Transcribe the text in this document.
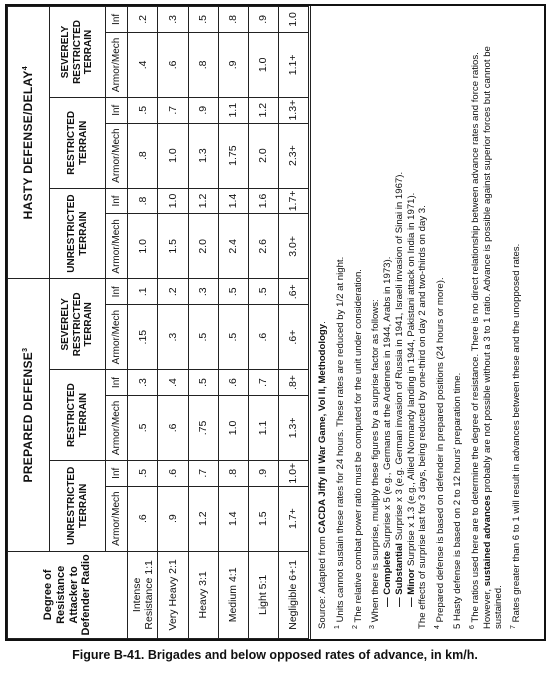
Degree of Resistance Attacker to Defender Radio	PREPARED DEFENSE$^3$						HASTY DEFENSE/DELAY$^4$
	UNRESTRICTED TERRAIN		RESTRICTED TERRAIN		SEVERELY RESTRICTED TERRAIN		UNRESTRICTED TERRAIN		RESTRICTED TERRAIN		SEVERELY RESTRICTED TERRAIN	
	Armor/Mech	Inf	Armor/Mech	Inf	Armor/Mech	Inf	Armor/Mech	Inf	Armor/Mech	Inf	Armor/Mech	Inf
Intense Resistance 1:1	.6	.5	.5	.3	.15	.1	1.0	.8	.8	.5	.4	.2
Very Heavy 2:1	.9	.6	.6	.4	.3	.2	1.5	1.0	1.0	.7	.6	.3
Heavy 3:1	1.2	.7	.75	.5	.5	.3	2.0	1.2	1.3	.9	.8	.5
Medium 4:1	1.4	.8	1.0	.6	.5	.5	2.4	1.4	1.75	1.1	.9	.8
Light 5:1	1.5	.9	1.1	.7	.6	.5	2.6	1.6	2.0	1.2	1.0	.9
Negligible 6+:1	1.7+	1.0+	1.3+	.8+	.6+	.6+	3.0+	1.7+	2.3+	1.3+	1.1+	1.0

Source: Adapted from CACDA Jiffy III War Game, Vol II, Methodology.

$^1$ Units cannot sustain these rates for 24 hours. These rates are reduced by 1/2 at night.

$^2$ The relative combat power ratio must be computed for the unit under consideration.

$^3$ When there is surprise, multiply these figures by a surprise factor as follows: — Complete Surprise x 5 (e.g., Germans at the Ardennes in 1944, Arabs in 1973).
— Substantial Surprise x 3 (e.g. German invasion of Russia in 1941, Israeli invasion of Sinai in 1967).
— Minor Surprise x 1.3 (e.g., Allied Normandy landing in 1944, Pakistani attack on India in 1971). The effects of surprise last for 3 days, being reducted by one-third on day 2 and two-thirds on day 3. $^4$ Prepared defense is based on defender in prepared positions (24 hours or more).

5 Hasty defense is based on 2 to 12 hours' preparation time.

$^6$ The ratios used here are to determine the degree of resistance. There is no direct relationship between advance rates and force ratios. However, sustained advances probably are not possible without a 3 to 1 ratio. Advance is possible against superior forces but cannot be sustained. $^7$ Rates greater than 6 to 1 will result in advances between these and the unopposed rates.

Figure B-41. Brigades and below opposed rates of advance, in km/h.
